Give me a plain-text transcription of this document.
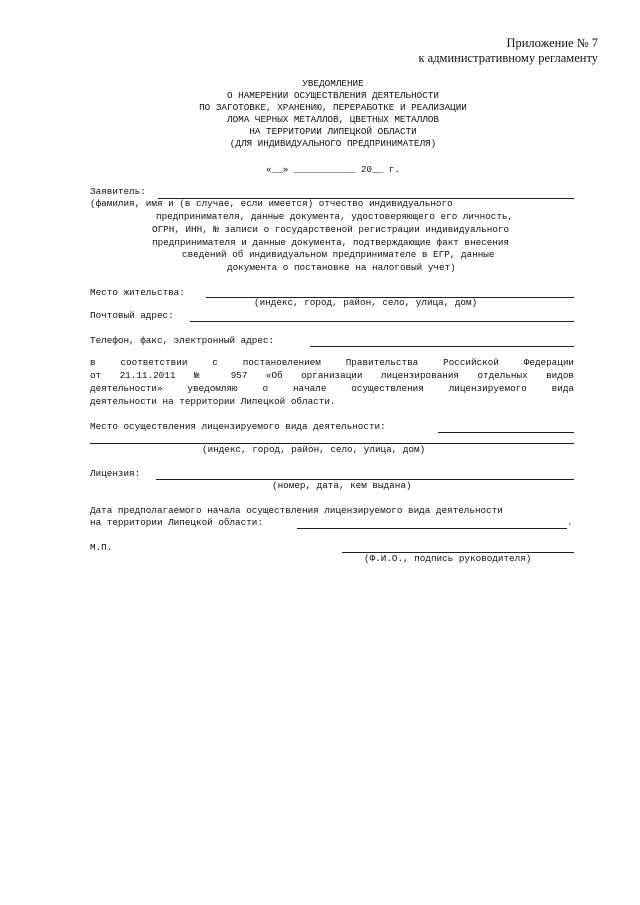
Приложение № 7
к административному регламенту
УВЕДОМЛЕНИЕ
О НАМЕРЕНИИ ОСУЩЕСТВЛЕНИЯ ДЕЯТЕЛЬНОСТИ
ПО ЗАГОТОВКЕ, ХРАНЕНИЮ, ПЕРЕРАБОТКЕ И РЕАЛИЗАЦИИ
ЛОМА ЧЕРНЫХ МЕТАЛЛОВ, ЦВЕТНЫХ МЕТАЛЛОВ
НА ТЕРРИТОРИИ ЛИПЕЦКОЙ ОБЛАСТИ
(ДЛЯ ИНДИВИДУАЛЬНОГО ПРЕДПРИНИМАТЕЛЯ)
«__» ___________ 20__ г.
Заявитель:
(фамилия, имя и (в случае, если имеется) отчество индивидуального
предпринимателя, данные документа, удостоверяющего его личность,
ОГРН, ИНН, № записи о государственой регистрации индивидуального
предпринимателя и данные документа, подтверждающие факт внесения
сведений об индивидуальном предпринимателе в ЕГР, данные
документа о постановке на налоговый учет)
Место жительства:
(индекс, город, район, село, улица, дом)
Почтовый адрес:
Телефон, факс, электронный адрес:
в соответствии с постановлением Правительства Российской Федерации
от 21.11.2011 № 957 «Об организации лицензирования отдельных видов
деятельности» уведомляю о начале осуществления лицензируемого вида
деятельности на территории Липецкой области.
Место осуществления лицензируемого вида деятельности:
(индекс, город, район, село, улица, дом)
Лицензия:
(номер, дата, кем выдана)
Дата предполагаемого начала осуществления лицензируемого вида деятельности
на территории Липецкой области:	.
М.П.
(Ф.И.О., подпись руководителя)
